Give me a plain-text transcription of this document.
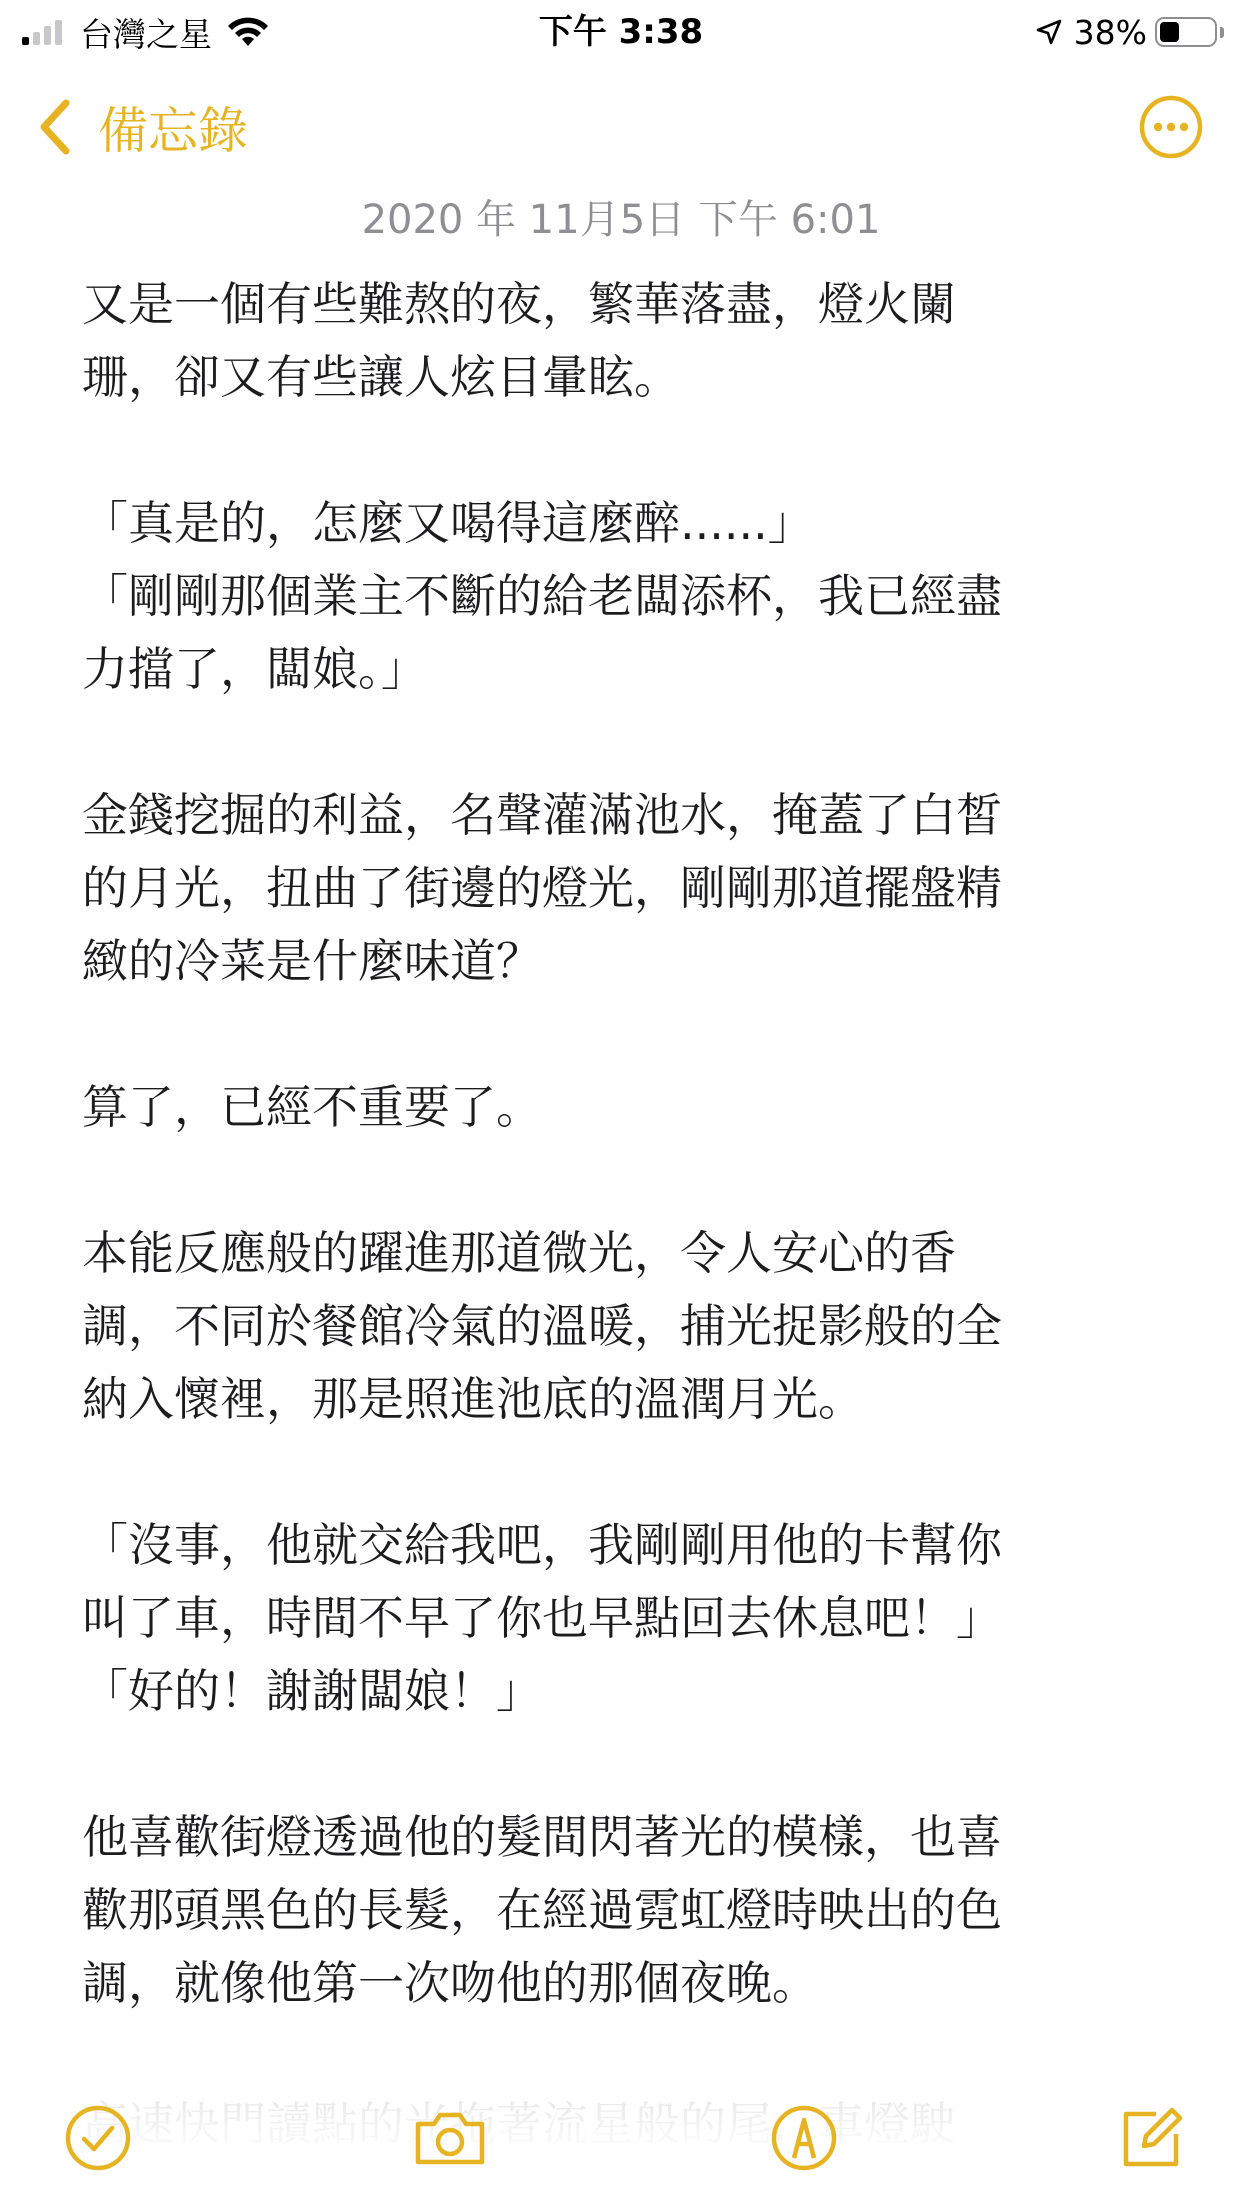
台灣之星	下午 3:38	38%
備忘錄
2020 年 11月5日 下午 6:01
又是一個有些難熬的夜，繁華落盡，燈火闌
珊，卻又有些讓人炫目暈眩。
「真是的，怎麼又喝得這麼醉......」
「剛剛那個業主不斷的給老闆添杯，我已經盡
力擋了，闆娘。」
金錢挖掘的利益，名聲灌滿池水，掩蓋了白皙
的月光，扭曲了街邊的燈光，剛剛那道擺盤精
緻的冷菜是什麼味道？
算了，已經不重要了。
本能反應般的躍進那道微光，令人安心的香
調，不同於餐館冷氣的溫暖，捕光捉影般的全
納入懷裡，那是照進池底的溫潤月光。
「沒事，他就交給我吧，我剛剛用他的卡幫你
叫了車，時間不早了你也早點回去休息吧！」
「好的！謝謝闆娘！」
他喜歡街燈透過他的髮間閃著光的模樣，也喜
歡那頭黑色的長髮，在經過霓虹燈時映出的色
調，就像他第一次吻他的那個夜晚。
